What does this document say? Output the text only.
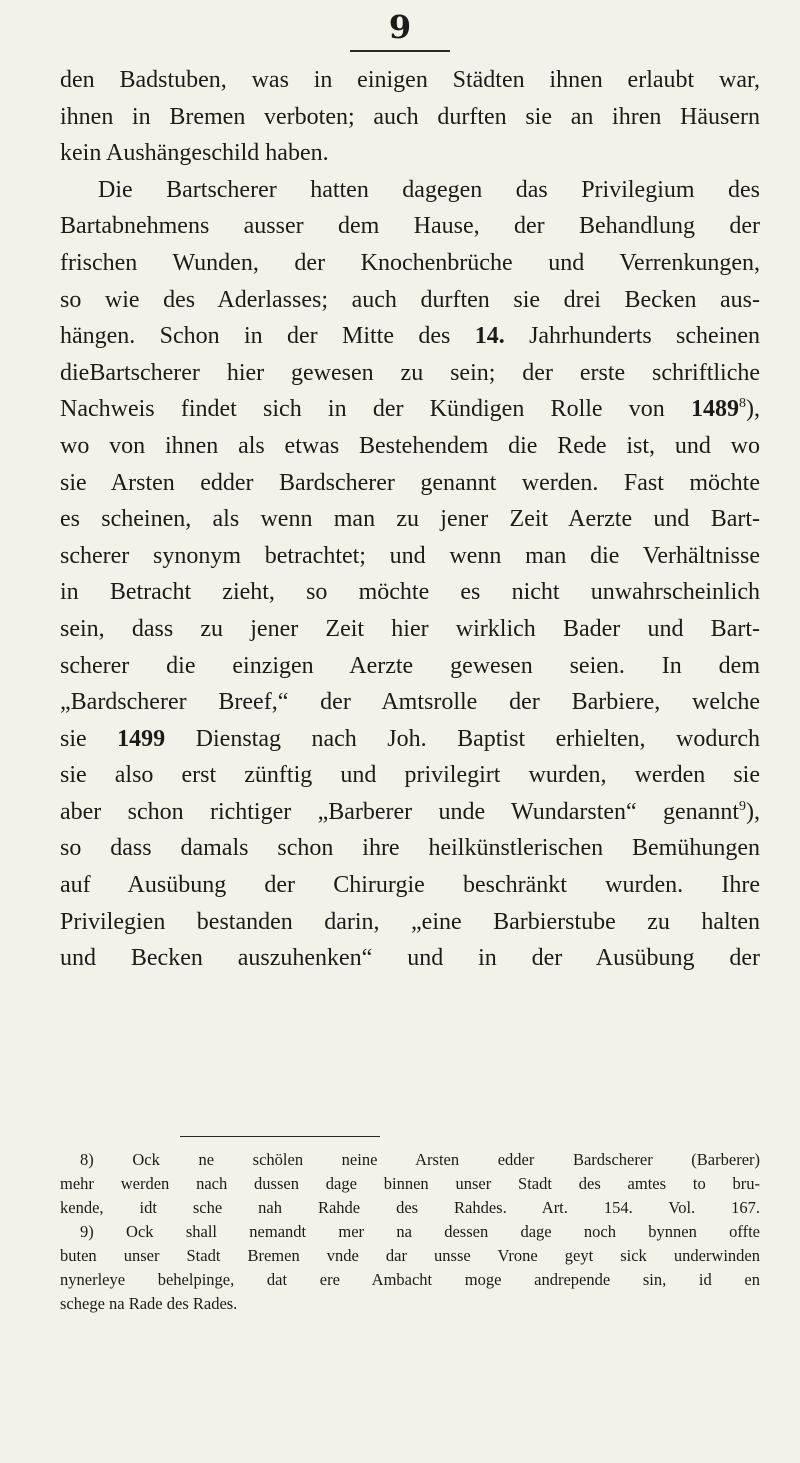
9
den Badstuben, was in einigen Städten ihnen erlaubt war,
ihnen in Bremen verboten; auch durften sie an ihren Häusern
kein Aushängeschild haben.
Die Bartscherer hatten dagegen das Privilegium des
Bartabnehmens ausser dem Hause, der Behandlung der
frischen Wunden, der Knochenbrüche und Verrenkungen,
so wie des Aderlasses; auch durften sie drei Becken aus-
hängen. Schon in der Mitte des 14. Jahrhunderts scheinen
dieBartscherer hier gewesen zu sein; der erste schriftliche
Nachweis findet sich in der Kündigen Rolle von 1489$^8$),
wo von ihnen als etwas Bestehendem die Rede ist, und wo
sie Arsten edder Bardscherer genannt werden. Fast möchte
es scheinen, als wenn man zu jener Zeit Aerzte und Bart-
scherer synonym betrachtet; und wenn man die Verhältnisse
in Betracht zieht, so möchte es nicht unwahrscheinlich
sein, dass zu jener Zeit hier wirklich Bader und Bart-
scherer die einzigen Aerzte gewesen seien. In dem
„Bardscherer Breef,“ der Amtsrolle der Barbiere, welche
sie 1499 Dienstag nach Joh. Baptist erhielten, wodurch
sie also erst zünftig und privilegirt wurden, werden sie
aber schon richtiger „Barberer unde Wundarsten“ genannt$^9$),
so dass damals schon ihre heilkünstlerischen Bemühungen
auf Ausübung der Chirurgie beschränkt wurden. Ihre
Privilegien bestanden darin, „eine Barbierstube zu halten
und Becken auszuhenken“ und in der Ausübung der
8) Ock ne schölen neine Arsten edder Bardscherer (Barberer)
mehr werden nach dussen dage binnen unser Stadt des amtes to bru-
kende, idt sche nah Rahde des Rahdes. Art. 154. Vol. 167.
9) Ock shall nemandt mer na dessen dage noch bynnen offte
buten unser Stadt Bremen vnde dar unsse Vrone geyt sick underwinden
nynerleye behelpinge, dat ere Ambacht moge andrepende sin, id en
schege na Rade des Rades.
